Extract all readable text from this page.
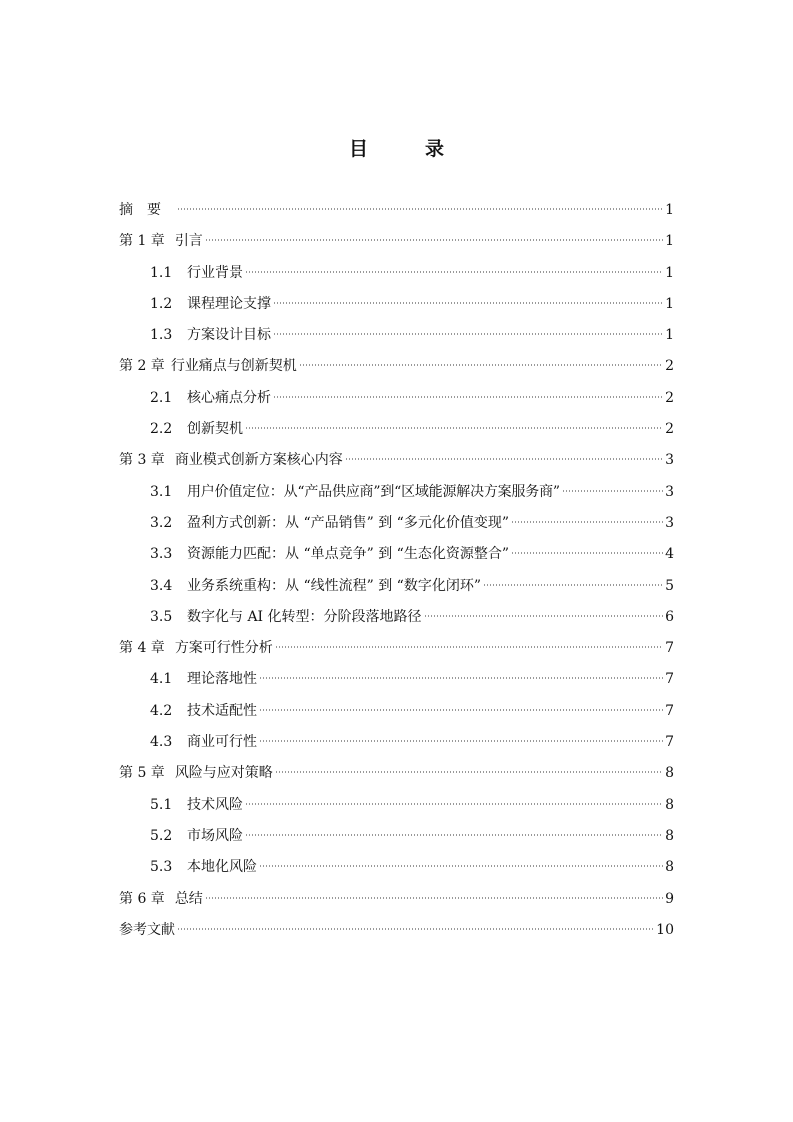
目　录
摘要	1
第 1 章 引言	1
1.1	行业背景	1
1.2	课程理论支撑	1
1.3	方案设计目标	1
第 2 章 行业痛点与创新契机	2
2.1	核心痛点分析	2
2.2	创新契机	2
第 3 章 商业模式创新方案核心内容	3
3.1	用户价值定位：从“产品供应商”到“区域能源解决方案服务商”	3
3.2	盈利方式创新：从 “产品销售” 到 “多元化价值变现”	3
3.3	资源能力匹配：从 “单点竞争” 到 “生态化资源整合”	4
3.4	业务系统重构：从 “线性流程” 到 “数字化闭环”	5
3.5	数字化与 AI 化转型：分阶段落地路径	6
第 4 章 方案可行性分析	7
4.1	理论落地性	7
4.2	技术适配性	7
4.3	商业可行性	7
第 5 章 风险与应对策略	8
5.1	技术风险	8
5.2	市场风险	8
5.3	本地化风险	8
第 6 章 总结	9
参考文献	10
